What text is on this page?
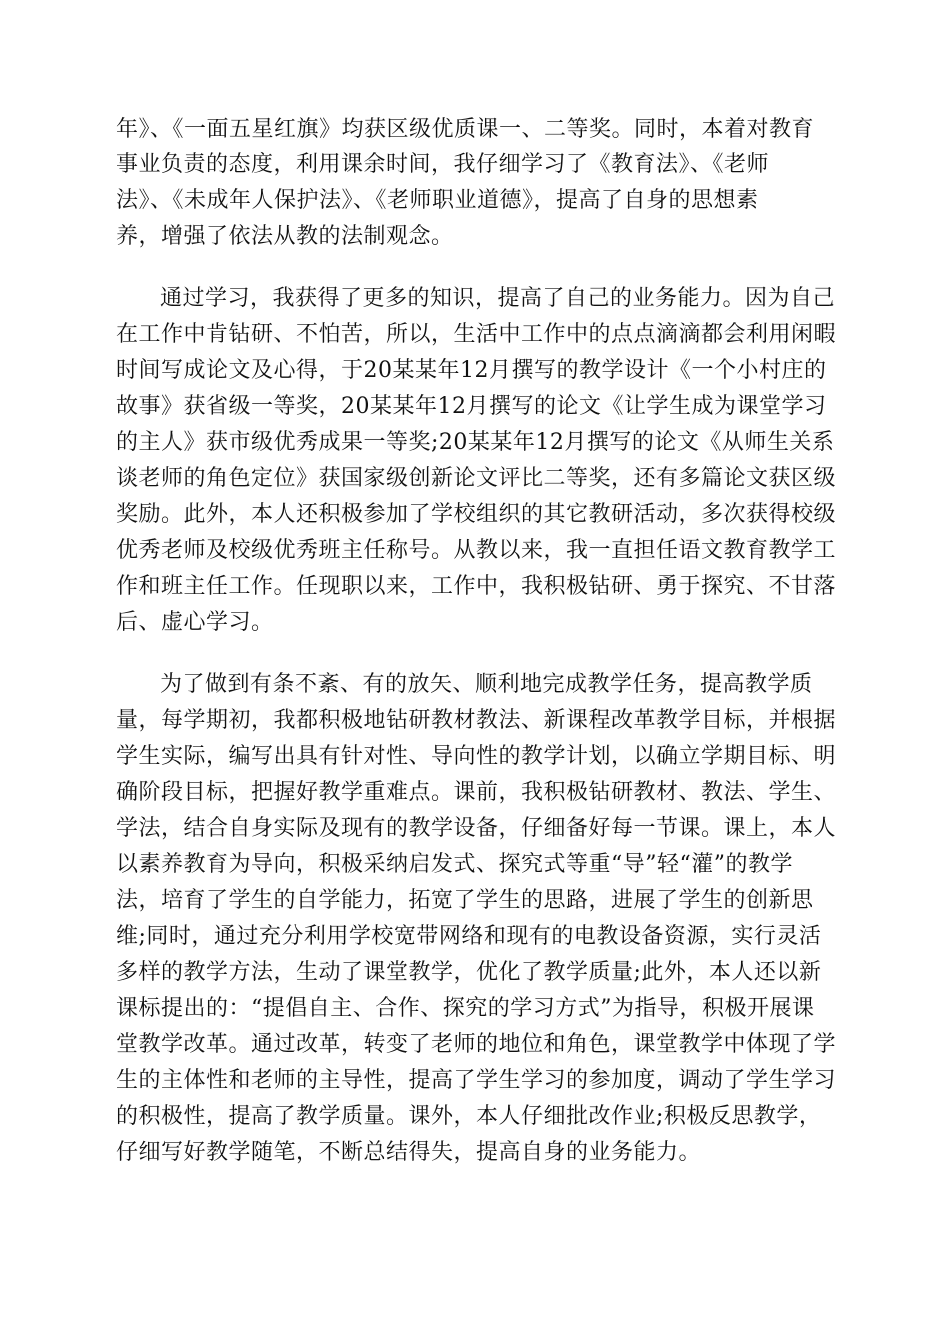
年》、《一面五星红旗》均获区级优质课一、二等奖。同时，本着对教育
事业负责的态度，利用课余时间，我仔细学习了《教育法》、《老师
法》、《未成年人保护法》、《老师职业道德》，提高了自身的思想素
养，增强了依法从教的法制观念。
通过学习，我获得了更多的知识，提高了自己的业务能力。因为自己
在工作中肯钻研、不怕苦，所以，生活中工作中的点点滴滴都会利用闲暇
时间写成论文及心得，于20某某年12月撰写的教学设计《一个小村庄的
故事》获省级一等奖，20某某年12月撰写的论文《让学生成为课堂学习
的主人》获市级优秀成果一等奖;20某某年12月撰写的论文《从师生关系
谈老师的角色定位》获国家级创新论文评比二等奖，还有多篇论文获区级
奖励。此外，本人还积极参加了学校组织的其它教研活动，多次获得校级
优秀老师及校级优秀班主任称号。从教以来，我一直担任语文教育教学工
作和班主任工作。任现职以来，工作中，我积极钻研、勇于探究、不甘落
后、虚心学习。
为了做到有条不紊、有的放矢、顺利地完成教学任务，提高教学质
量，每学期初，我都积极地钻研教材教法、新课程改革教学目标，并根据
学生实际，编写出具有针对性、导向性的教学计划，以确立学期目标、明
确阶段目标，把握好教学重难点。课前，我积极钻研教材、教法、学生、
学法，结合自身实际及现有的教学设备，仔细备好每一节课。课上，本人
以素养教育为导向，积极采纳启发式、探究式等重“导”轻“灌”的教学
法，培育了学生的自学能力，拓宽了学生的思路，进展了学生的创新思
维;同时，通过充分利用学校宽带网络和现有的电教设备资源，实行灵活
多样的教学方法，生动了课堂教学，优化了教学质量;此外，本人还以新
课标提出的：“提倡自主、合作、探究的学习方式”为指导，积极开展课
堂教学改革。通过改革，转变了老师的地位和角色，课堂教学中体现了学
生的主体性和老师的主导性，提高了学生学习的参加度，调动了学生学习
的积极性，提高了教学质量。课外，本人仔细批改作业;积极反思教学，
仔细写好教学随笔，不断总结得失，提高自身的业务能力。
